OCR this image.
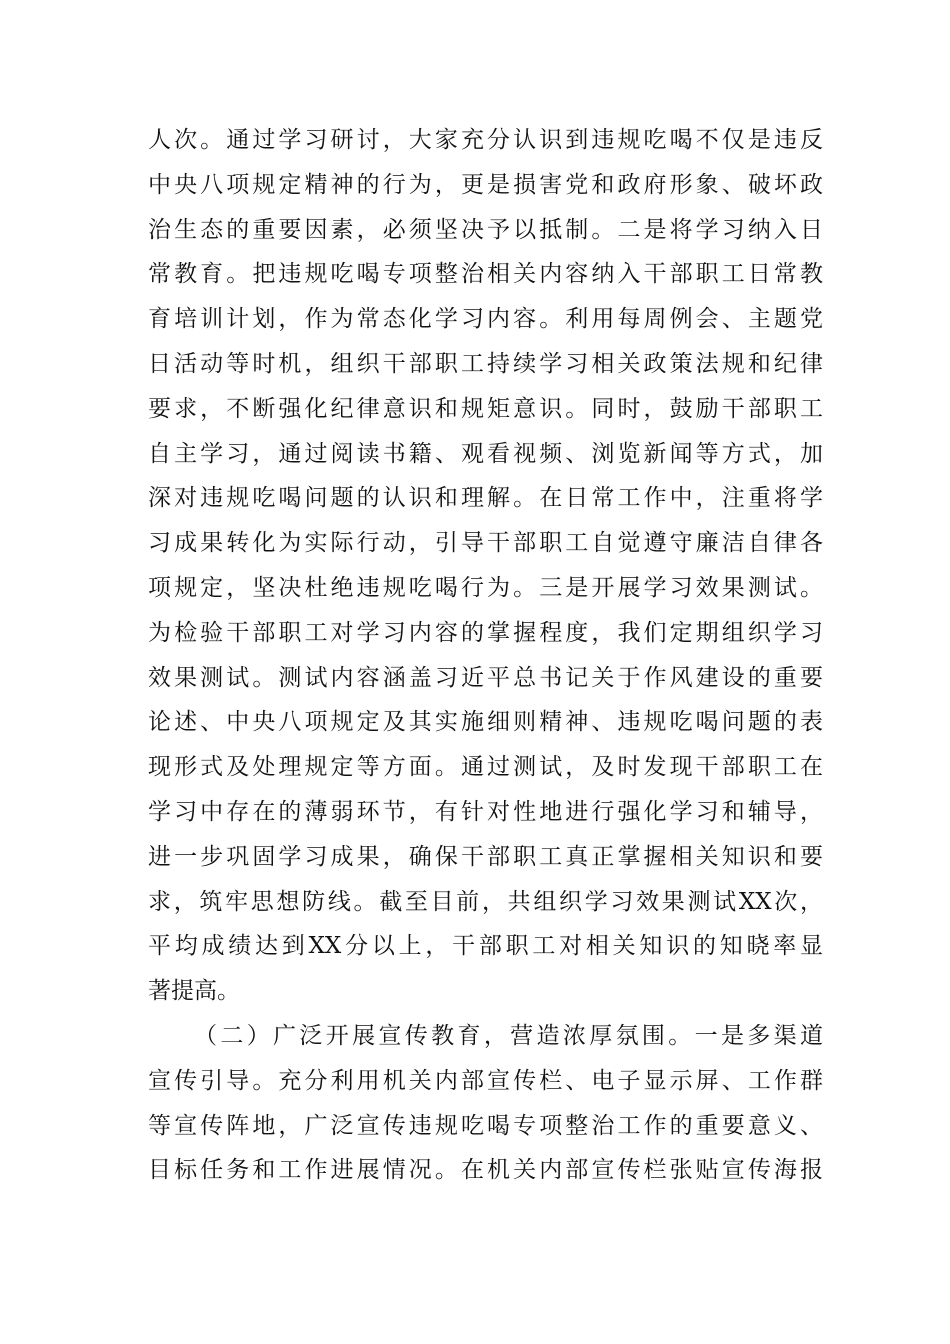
人次。通过学习研讨，大家充分认识到违规吃喝不仅是违反
中央八项规定精神的行为，更是损害党和政府形象、破坏政
治生态的重要因素，必须坚决予以抵制。二是将学习纳入日
常教育。把违规吃喝专项整治相关内容纳入干部职工日常教
育培训计划，作为常态化学习内容。利用每周例会、主题党
日活动等时机，组织干部职工持续学习相关政策法规和纪律
要求，不断强化纪律意识和规矩意识。同时，鼓励干部职工
自主学习，通过阅读书籍、观看视频、浏览新闻等方式，加
深对违规吃喝问题的认识和理解。在日常工作中，注重将学
习成果转化为实际行动，引导干部职工自觉遵守廉洁自律各
项规定，坚决杜绝违规吃喝行为。三是开展学习效果测试。
为检验干部职工对学习内容的掌握程度，我们定期组织学习
效果测试。测试内容涵盖习近平总书记关于作风建设的重要
论述、中央八项规定及其实施细则精神、违规吃喝问题的表
现形式及处理规定等方面。通过测试，及时发现干部职工在
学习中存在的薄弱环节，有针对性地进行强化学习和辅导，
进一步巩固学习成果，确保干部职工真正掌握相关知识和要
求，筑牢思想防线。截至目前，共组织学习效果测试XX次，
平均成绩达到XX分以上，干部职工对相关知识的知晓率显
著提高。
（二）广泛开展宣传教育，营造浓厚氛围。一是多渠道
宣传引导。充分利用机关内部宣传栏、电子显示屏、工作群
等宣传阵地，广泛宣传违规吃喝专项整治工作的重要意义、
目标任务和工作进展情况。在机关内部宣传栏张贴宣传海报
